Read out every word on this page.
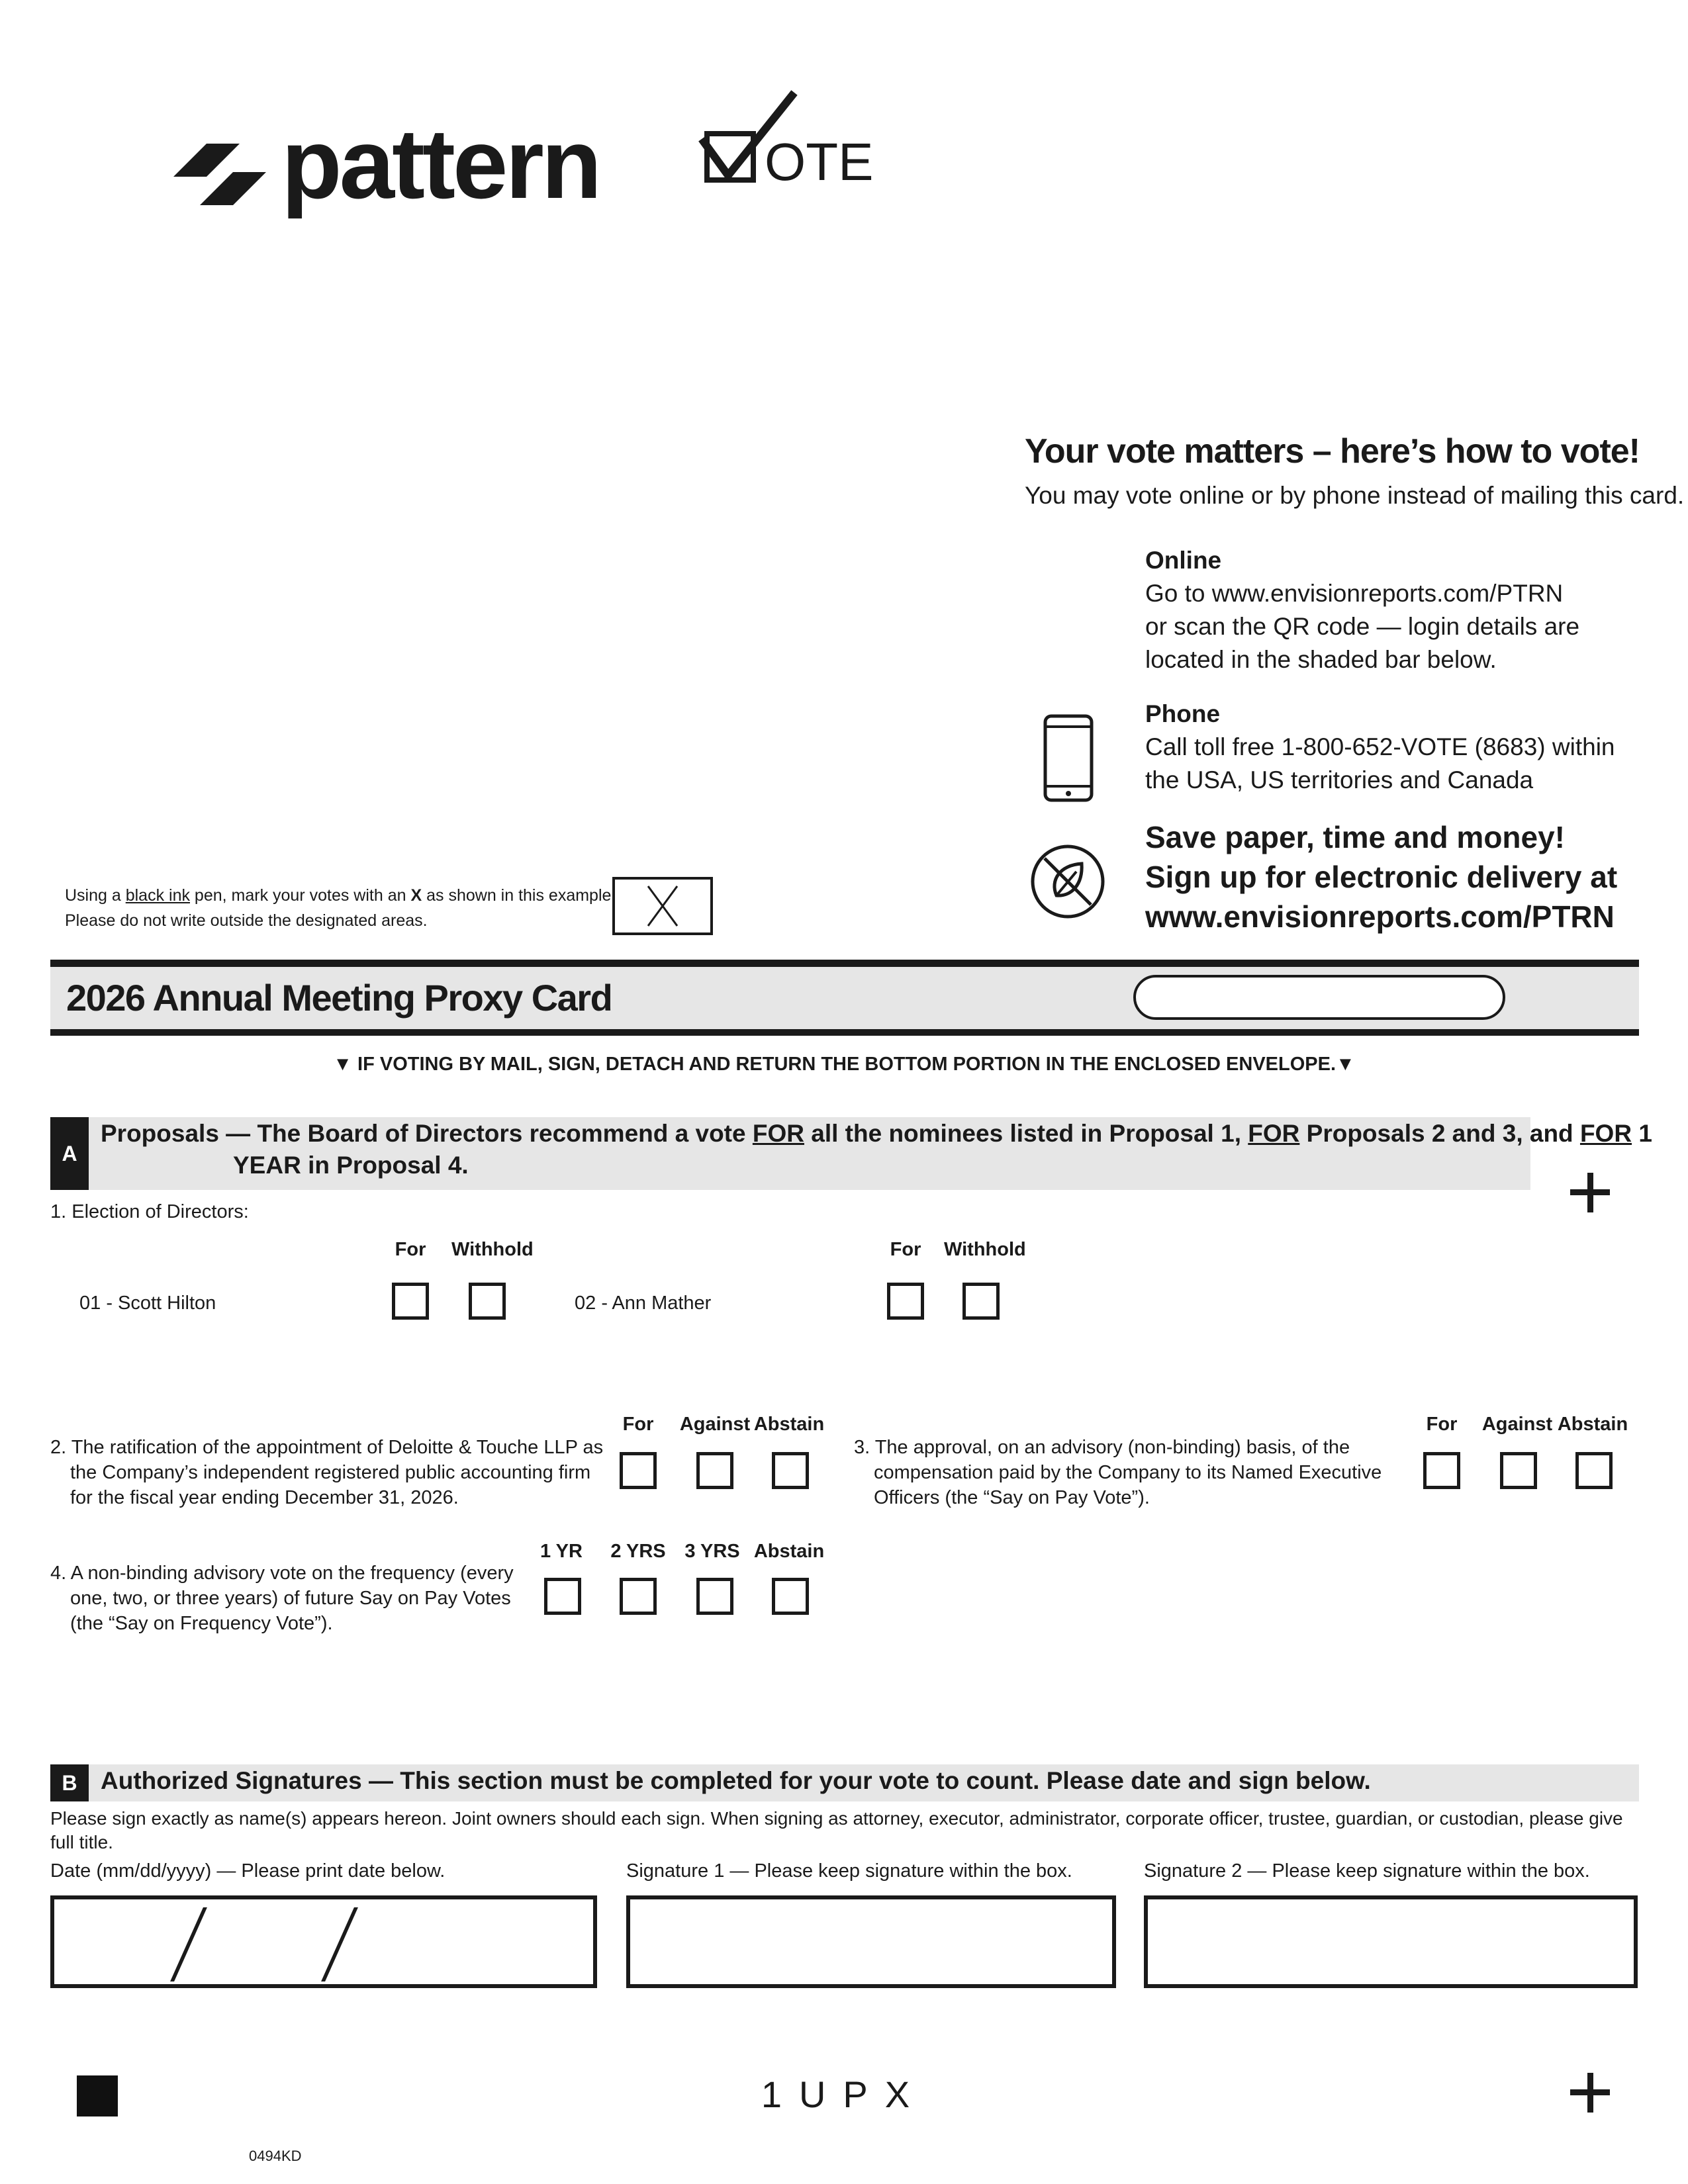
pattern	OTE
Your vote matters – here’s how to vote!
You may vote online or by phone instead of mailing this card.
Online
Go to www.envisionreports.com/PTRN
or scan the QR code — login details are
located in the shaded bar below.
Phone
Call toll free 1-800-652-VOTE (8683) within
the USA, US territories and Canada
Save paper, time and money!
Sign up for electronic delivery at
www.envisionreports.com/PTRN
Using a black ink pen, mark your votes with an X as shown in this example.
Please do not write outside the designated areas.
2026 Annual Meeting Proxy Card
▼ IF VOTING BY MAIL, SIGN, DETACH AND RETURN THE BOTTOM PORTION IN THE ENCLOSED ENVELOPE.▼
A
Proposals — The Board of Directors recommend a vote FOR all the nominees listed in Proposal 1, FOR Proposals 2 and 3, and FOR 1
YEAR in Proposal 4.
1. Election of Directors:
For Withhold
01 - Scott Hilton
For Withhold
02 - Ann Mather
2. The ratification of the appointment of Deloitte & Touche LLP as
the Company’s independent registered public accounting firm
for the fiscal year ending December 31, 2026.
For	Against Abstain
3. The approval, on an advisory (non-binding) basis, of the
compensation paid by the Company to its Named Executive
Officers (the “Say on Pay Vote”).
For	Against Abstain
4. A non-binding advisory vote on the frequency (every
one, two, or three years) of future Say on Pay Votes
(the “Say on Frequency Vote”).
1 YR	2 YRS 3 YRS Abstain
B Authorized Signatures — This section must be completed for your vote to count. Please date and sign below.
Please sign exactly as name(s) appears hereon. Joint owners should each sign. When signing as attorney, executor, administrator, corporate officer, trustee, guardian, or custodian, please give full title.
Date (mm/dd/yyyy) — Please print date below.	Signature 1 — Please keep signature within the box.	Signature 2 — Please keep signature within the box.
1UPX
0494KD
